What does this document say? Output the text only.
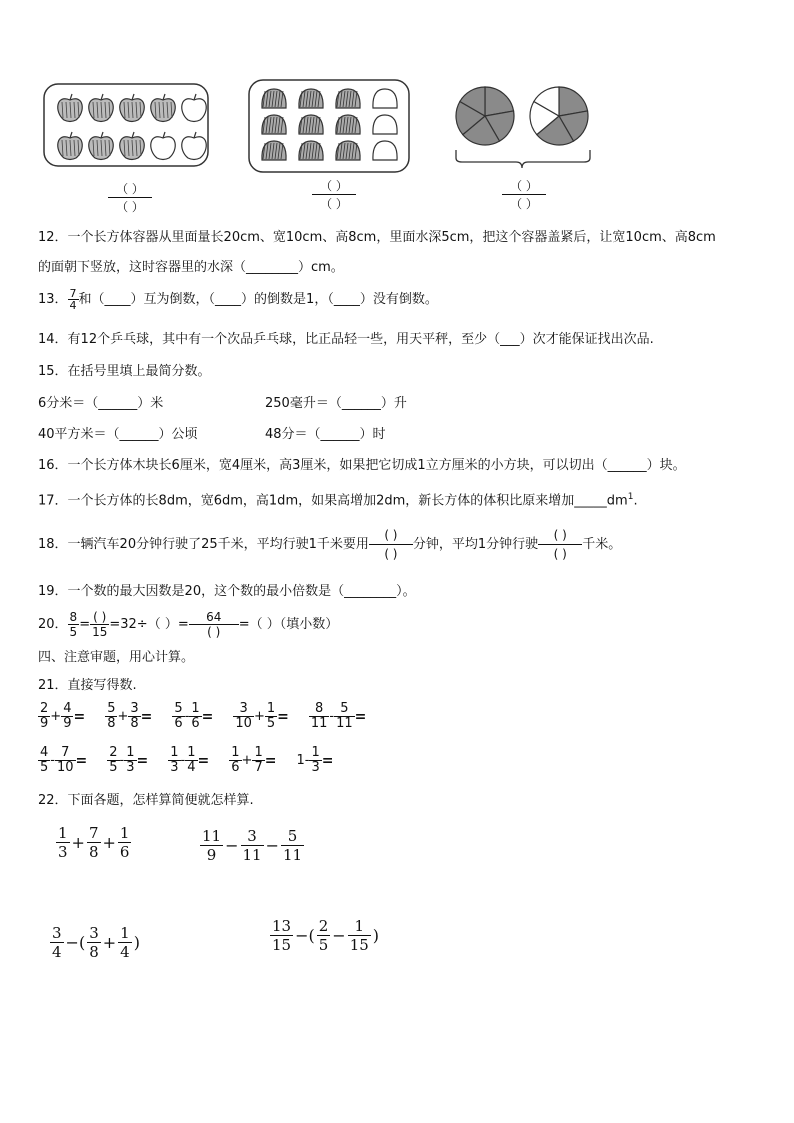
（ ）
（ ）
（ ）
（ ）
（ ）
（ ）
12．一个长方体容器从里面量长20cm、宽10cm、高8cm，里面水深5cm，把这个容器盖紧后，让宽10cm、高8cm
的面朝下竖放，这时容器里的水深（________）cm。
13． $\frac{7}{4}$ 和（____）互为倒数，（____）的倒数是1，（____）没有倒数。
14．有12个乒乓球，其中有一个次品乒乓球，比正品轻一些，用天平秤，至少（___）次才能保证找出次品.
15．在括号里填上最简分数。
6分米＝（______）米	250毫升＝（______）升
40平方米＝（______）公顷	48分＝（______）时
16．一个长方体木块长6厘米，宽4厘米，高3厘米，如果把它切成1立方厘米的小方块，可以切出（______）块。
17．一个长方体的长8dm，宽6dm，高1dm，如果高增加2dm，新长方体的体积比原来增加$\_\_\_\_\_dm^1$.
18．一辆汽车20分钟行驶了25千米，平均行驶1千米要用
( )
( )
分钟，平均1分钟行驶
( )
( )
千米。
19．一个数的最大因数是20，这个数的最小倍数是（________）。
20． $\frac{8}{5} = \frac{( )}{15} =32\div$（ ）= $\frac{64}{( )}$ =（ ）（填小数）
四、注意审题，用心计算。
21．直接写得数.
$\frac{2}{9} + \frac{4}{9} = \frac{5}{8} + \frac{3}{8} = \frac{5}{6} - \frac{1}{6} = \frac{3}{10} + \frac{1}{5} = \frac{8}{11} - \frac{5}{11}$ =
$\frac{4}{5} - \frac{7}{10} = \frac{2}{5} - \frac{1}{3} = \frac{1}{3} - \frac{1}{4} = \frac{1}{6} + \frac{1}{7} = 1- \frac{1}{3}$ =
22．下面各题，怎样算简便就怎样算.
$\frac{1}{3} + \frac{7}{8} + \frac{1}{6}$	$\frac{11}{9} - \frac{3}{11} - \frac{5}{11}$
$\frac{3}{4}$ −( $\frac{3}{8} + \frac{1}{4}$ )	$\frac{13}{15}$ −( $\frac{2}{5} - \frac{1}{15}$ )
